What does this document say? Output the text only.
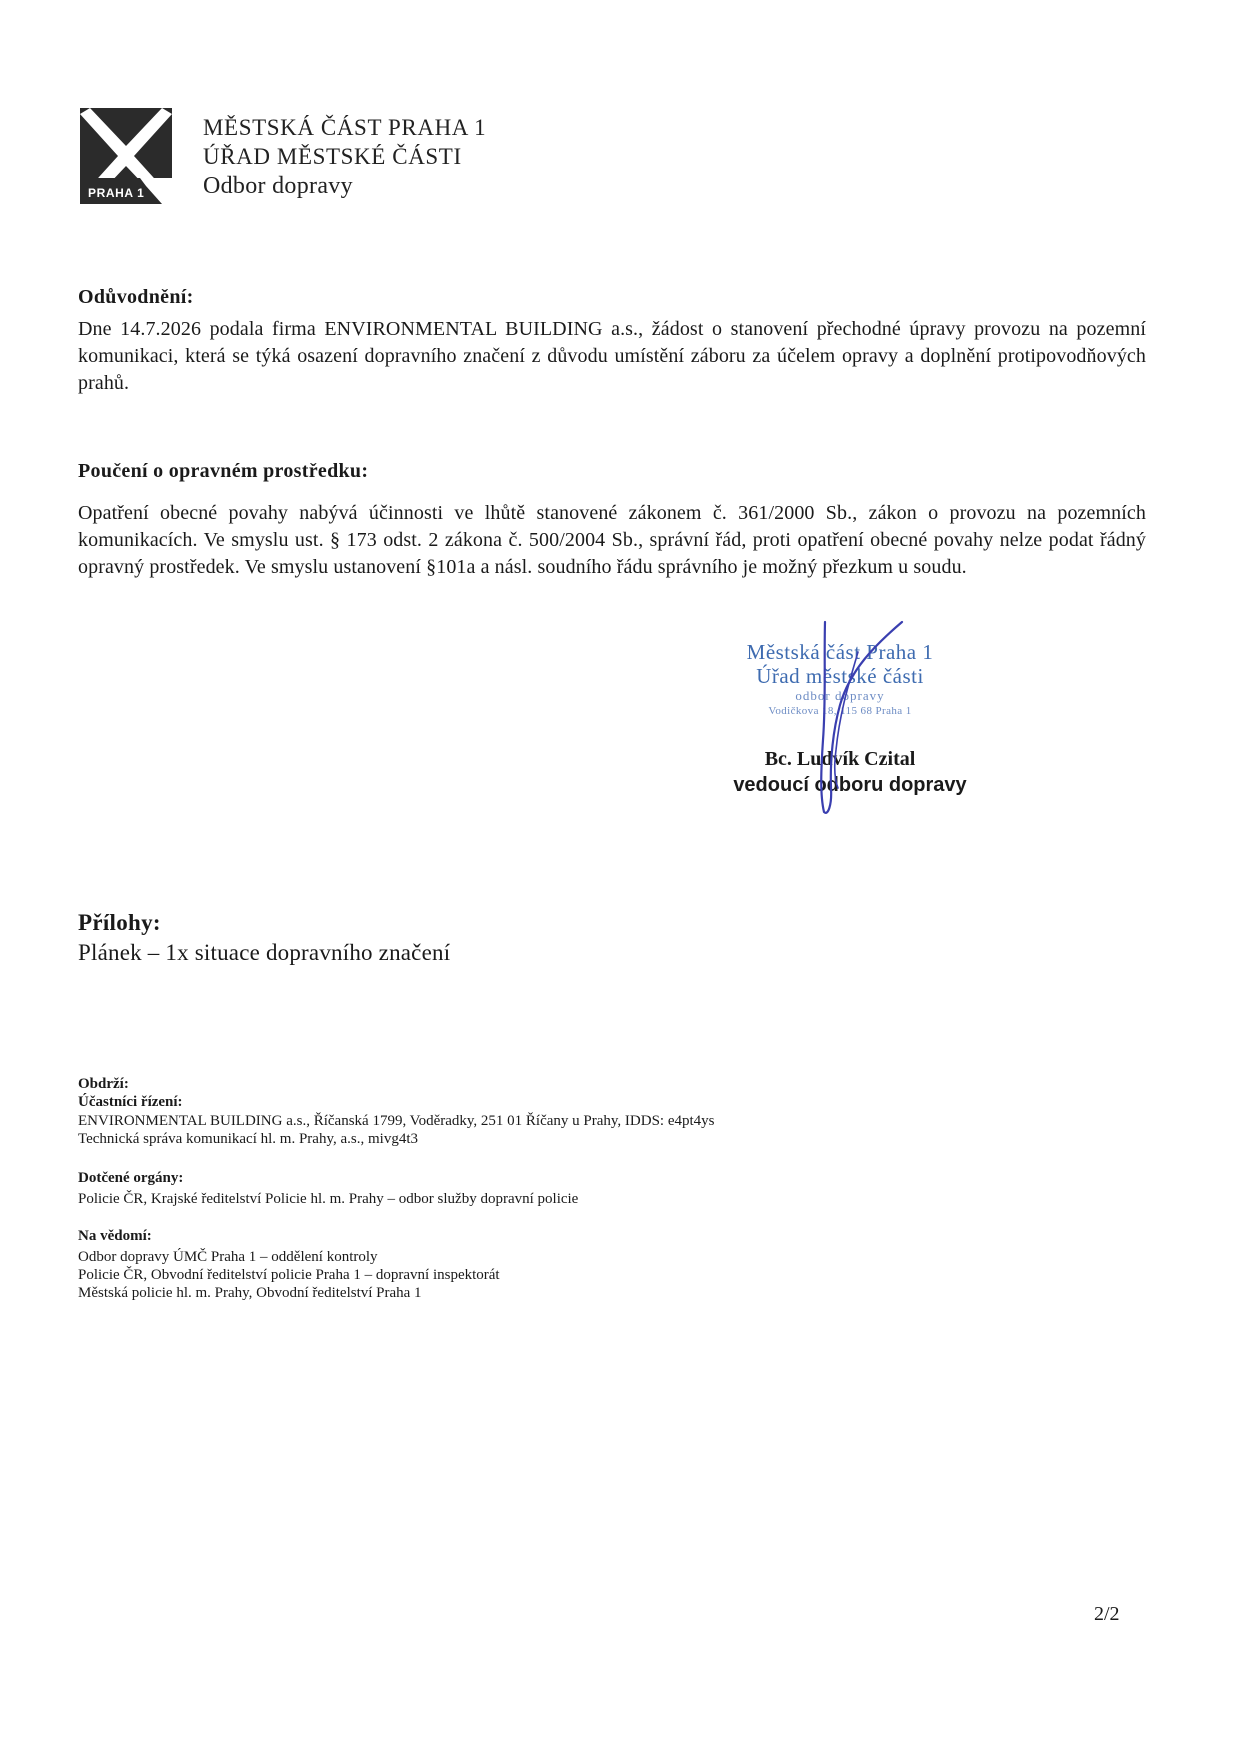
PRAHA 1
MĚSTSKÁ ČÁST PRAHA 1
ÚŘAD MĚSTSKÉ ČÁSTI
Odbor dopravy
Odůvodnění:
Dne 14.7.2026 podala firma ENVIRONMENTAL BUILDING a.s., žádost o stanovení přechodné úpravy provozu na pozemní komunikaci, která se týká osazení dopravního značení z důvodu umístění záboru za účelem opravy a doplnění protipovodňových prahů.
Poučení o opravném prostředku:
Opatření obecné povahy nabývá účinnosti ve lhůtě stanovené zákonem č. 361/2000 Sb., zákon o provozu na pozemních komunikacích. Ve smyslu ust. § 173 odst. 2 zákona č. 500/2004 Sb., správní řád, proti opatření obecné povahy nelze podat řádný opravný prostředek. Ve smyslu ustanovení §101a a násl. soudního řádu správního je možný přezkum u soudu.
Městská část Praha 1
Úřad městské části
odbor dopravy
Vodičkova 18, 115 68 Praha 1
Bc. Ludvík Czital
vedoucí odboru dopravy
Přílohy:
Plánek – 1x situace dopravního značení
Obdrží:
Účastníci řízení:
ENVIRONMENTAL BUILDING a.s., Říčanská 1799, Voděradky, 251 01 Říčany u Prahy, IDDS: e4pt4ys
Technická správa komunikací hl. m. Prahy, a.s., mivg4t3
Dotčené orgány:
Policie ČR, Krajské ředitelství Policie hl. m. Prahy – odbor služby dopravní policie
Na vědomí:
Odbor dopravy ÚMČ Praha 1 – oddělení kontroly
Policie ČR, Obvodní ředitelství policie Praha 1 – dopravní inspektorát
Městská policie hl. m. Prahy, Obvodní ředitelství Praha 1
2/2
